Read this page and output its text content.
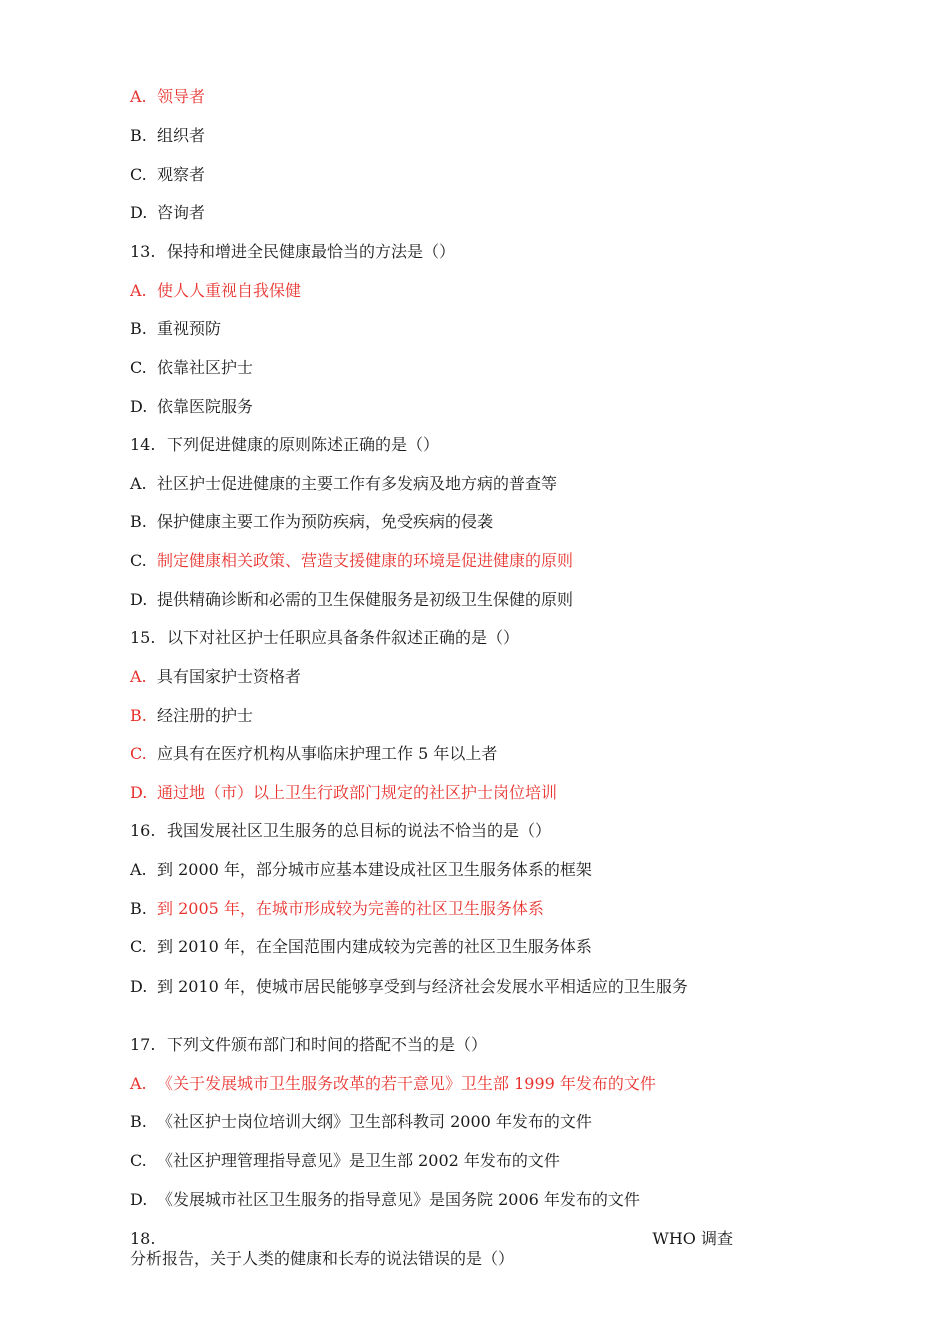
A. 领导者
B. 组织者
C. 观察者
D. 咨询者
13. 保持和增进全民健康最恰当的方法是（）
A. 使人人重视自我保健
B. 重视预防
C. 依靠社区护士
D. 依靠医院服务
14. 下列促进健康的原则陈述正确的是（）
A. 社区护士促进健康的主要工作有多发病及地方病的普查等
B. 保护健康主要工作为预防疾病，免受疾病的侵袭
C. 制定健康相关政策、营造支援健康的环境是促进健康的原则
D. 提供精确诊断和必需的卫生保健服务是初级卫生保健的原则
15. 以下对社区护士任职应具备条件叙述正确的是（）
A. 具有国家护士资格者
B. 经注册的护士
C. 应具有在医疗机构从事临床护理工作 5 年以上者
D. 通过地（市）以上卫生行政部门规定的社区护士岗位培训
16. 我国发展社区卫生服务的总目标的说法不恰当的是（）
A. 到 2000 年，部分城市应基本建设成社区卫生服务体系的框架
B. 到 2005 年，在城市形成较为完善的社区卫生服务体系
C. 到 2010 年，在全国范围内建成较为完善的社区卫生服务体系
D. 到 2010 年，使城市居民能够享受到与经济社会发展水平相适应的卫生服务
17. 下列文件颁布部门和时间的搭配不当的是（）
A. 《关于发展城市卫生服务改革的若干意见》卫生部 1999 年发布的文件
B. 《社区护士岗位培训大纲》卫生部科教司 2000 年发布的文件
C. 《社区护理管理指导意见》是卫生部 2002 年发布的文件
D. 《发展城市社区卫生服务的指导意见》是国务院 2006 年发布的文件
18.	WHO 调查
分析报告，关于人类的健康和长寿的说法错误的是（）
